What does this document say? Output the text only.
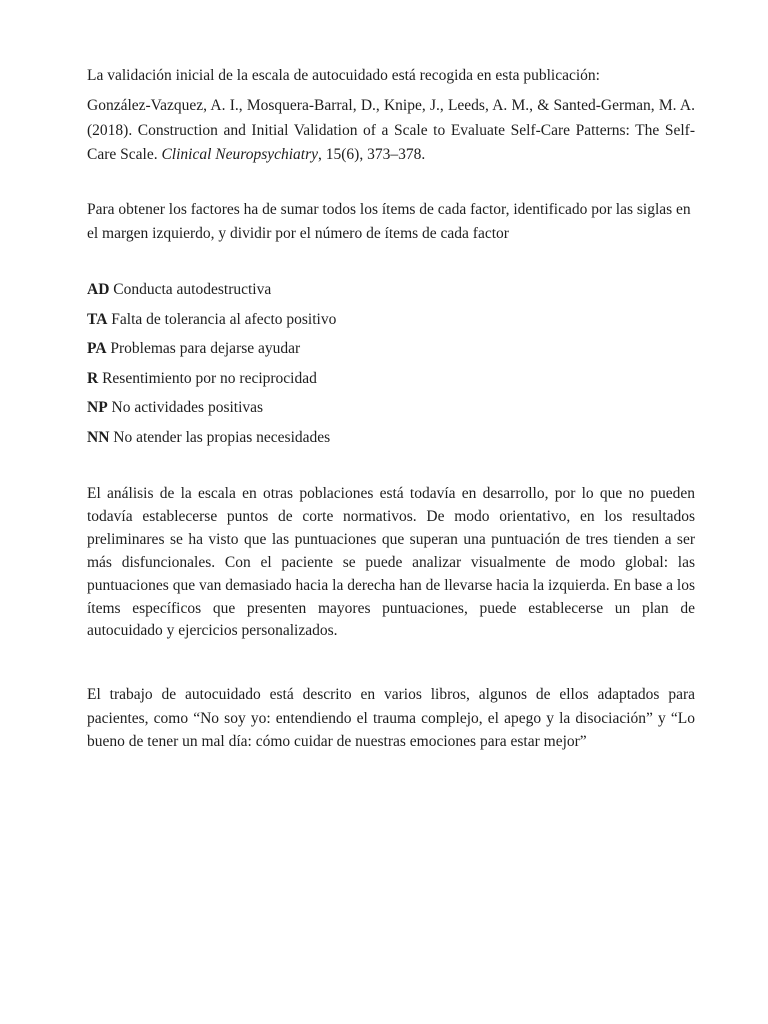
La validación inicial de la escala de autocuidado está recogida en esta publicación:

González-Vazquez, A. I., Mosquera-Barral, D., Knipe, J., Leeds, A. M., & Santed-German, M. A. (2018). Construction and Initial Validation of a Scale to Evaluate Self-Care Patterns: The Self-Care Scale. Clinical Neuropsychiatry, 15(6), 373–378.

Para obtener los factores ha de sumar todos los ítems de cada factor, identificado por las siglas en el margen izquierdo, y dividir por el número de ítems de cada factor

AD Conducta autodestructiva
TA Falta de tolerancia al afecto positivo
PA Problemas para dejarse ayudar
R Resentimiento por no reciprocidad
NP No actividades positivas
NN No atender las propias necesidades

El análisis de la escala en otras poblaciones está todavía en desarrollo, por lo que no pueden todavía establecerse puntos de corte normativos. De modo orientativo, en los resultados preliminares se ha visto que las puntuaciones que superan una puntuación de tres tienden a ser más disfuncionales. Con el paciente se puede analizar visualmente de modo global: las puntuaciones que van demasiado hacia la derecha han de llevarse hacia la izquierda. En base a los ítems específicos que presenten mayores puntuaciones, puede establecerse un plan de autocuidado y ejercicios personalizados.

El trabajo de autocuidado está descrito en varios libros, algunos de ellos adaptados para pacientes, como “No soy yo: entendiendo el trauma complejo, el apego y la disociación” y “Lo bueno de tener un mal día: cómo cuidar de nuestras emociones para estar mejor”
